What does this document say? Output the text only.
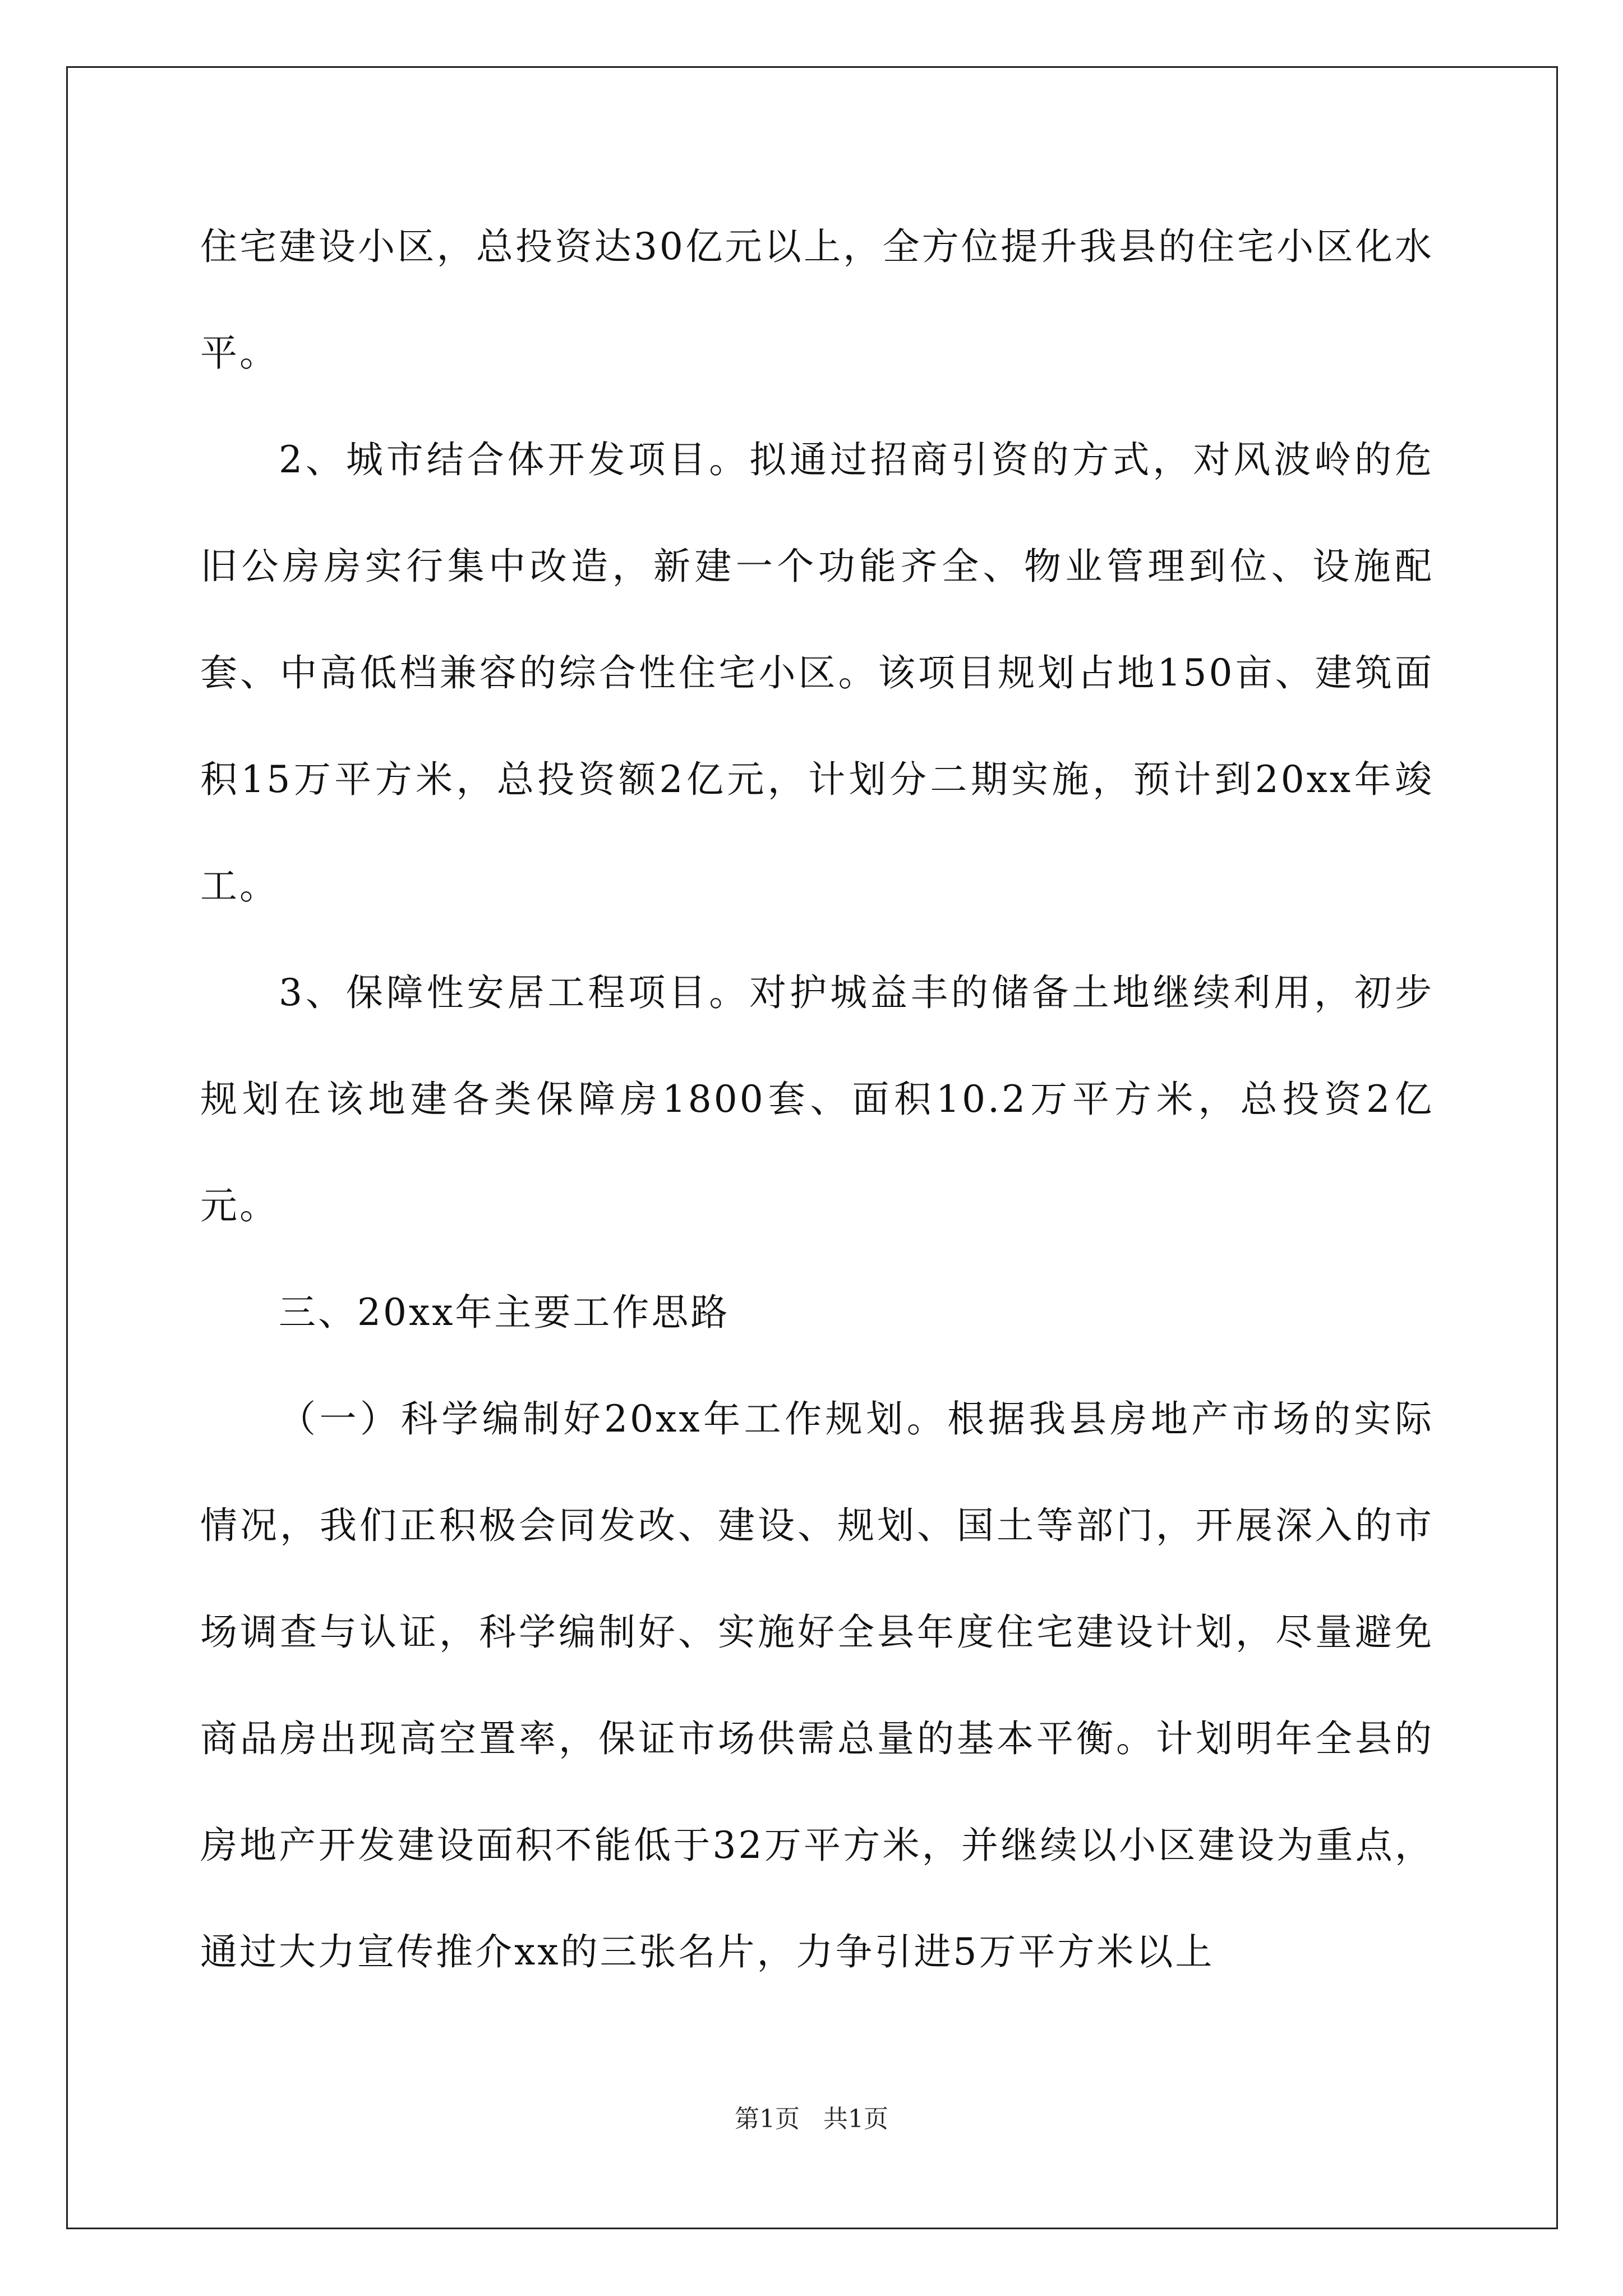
住宅建设小区，总投资达30亿元以上，全方位提升我县的住宅小区化水平。

2、城市结合体开发项目。拟通过招商引资的方式，对风波岭的危旧公房房实行集中改造，新建一个功能齐全、物业管理到位、设施配套、中高低档兼容的综合性住宅小区。该项目规划占地150亩、建筑面积15万平方米，总投资额2亿元，计划分二期实施，预计到20xx年竣工。

3、保障性安居工程项目。对护城益丰的储备土地继续利用，初步规划在该地建各类保障房1800套、面积10.2万平方米，总投资2亿元。

三、20xx年主要工作思路

（一）科学编制好20xx年工作规划。根据我县房地产市场的实际情况，我们正积极会同发改、建设、规划、国土等部门，开展深入的市场调查与认证，科学编制好、实施好全县年度住宅建设计划，尽量避免商品房出现高空置率，保证市场供需总量的基本平衡。计划明年全县的房地产开发建设面积不能低于32万平方米，并继续以小区建设为重点，通过大力宣传推介xx的三张名片，力争引进5万平方米以上

第1页   共1页
